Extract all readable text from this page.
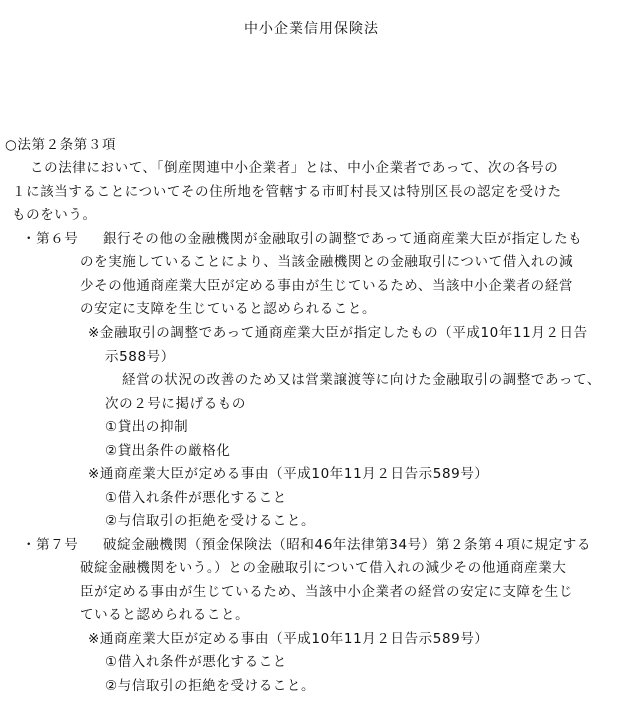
中小企業信用保険法
○法第２条第３項
この法律において、「倒産関連中小企業者」とは、中小企業者であって、次の各号の
１に該当することについてその住所地を管轄する市町村長又は特別区長の認定を受けた
ものをいう。
・第６号 銀行その他の金融機関が金融取引の調整であって通商産業大臣が指定したも
のを実施していることにより、当該金融機関との金融取引について借入れの減
少その他通商産業大臣が定める事由が生じているため、当該中小企業者の経営
の安定に支障を生じていると認められること。
※金融取引の調整であって通商産業大臣が指定したもの（平成10年11月２日告
示588号）
経営の状況の改善のため又は営業譲渡等に向けた金融取引の調整であって、
次の２号に掲げるもの
①貸出の抑制
②貸出条件の厳格化
※通商産業大臣が定める事由（平成10年11月２日告示589号）
①借入れ条件が悪化すること
②与信取引の拒絶を受けること。
・第７号 破綻金融機関（預金保険法（昭和46年法律第34号）第２条第４項に規定する
破綻金融機関をいう。）との金融取引について借入れの減少その他通商産業大
臣が定める事由が生じているため、当該中小企業者の経営の安定に支障を生じ
ていると認められること。
※通商産業大臣が定める事由（平成10年11月２日告示589号）
①借入れ条件が悪化すること
②与信取引の拒絶を受けること。
